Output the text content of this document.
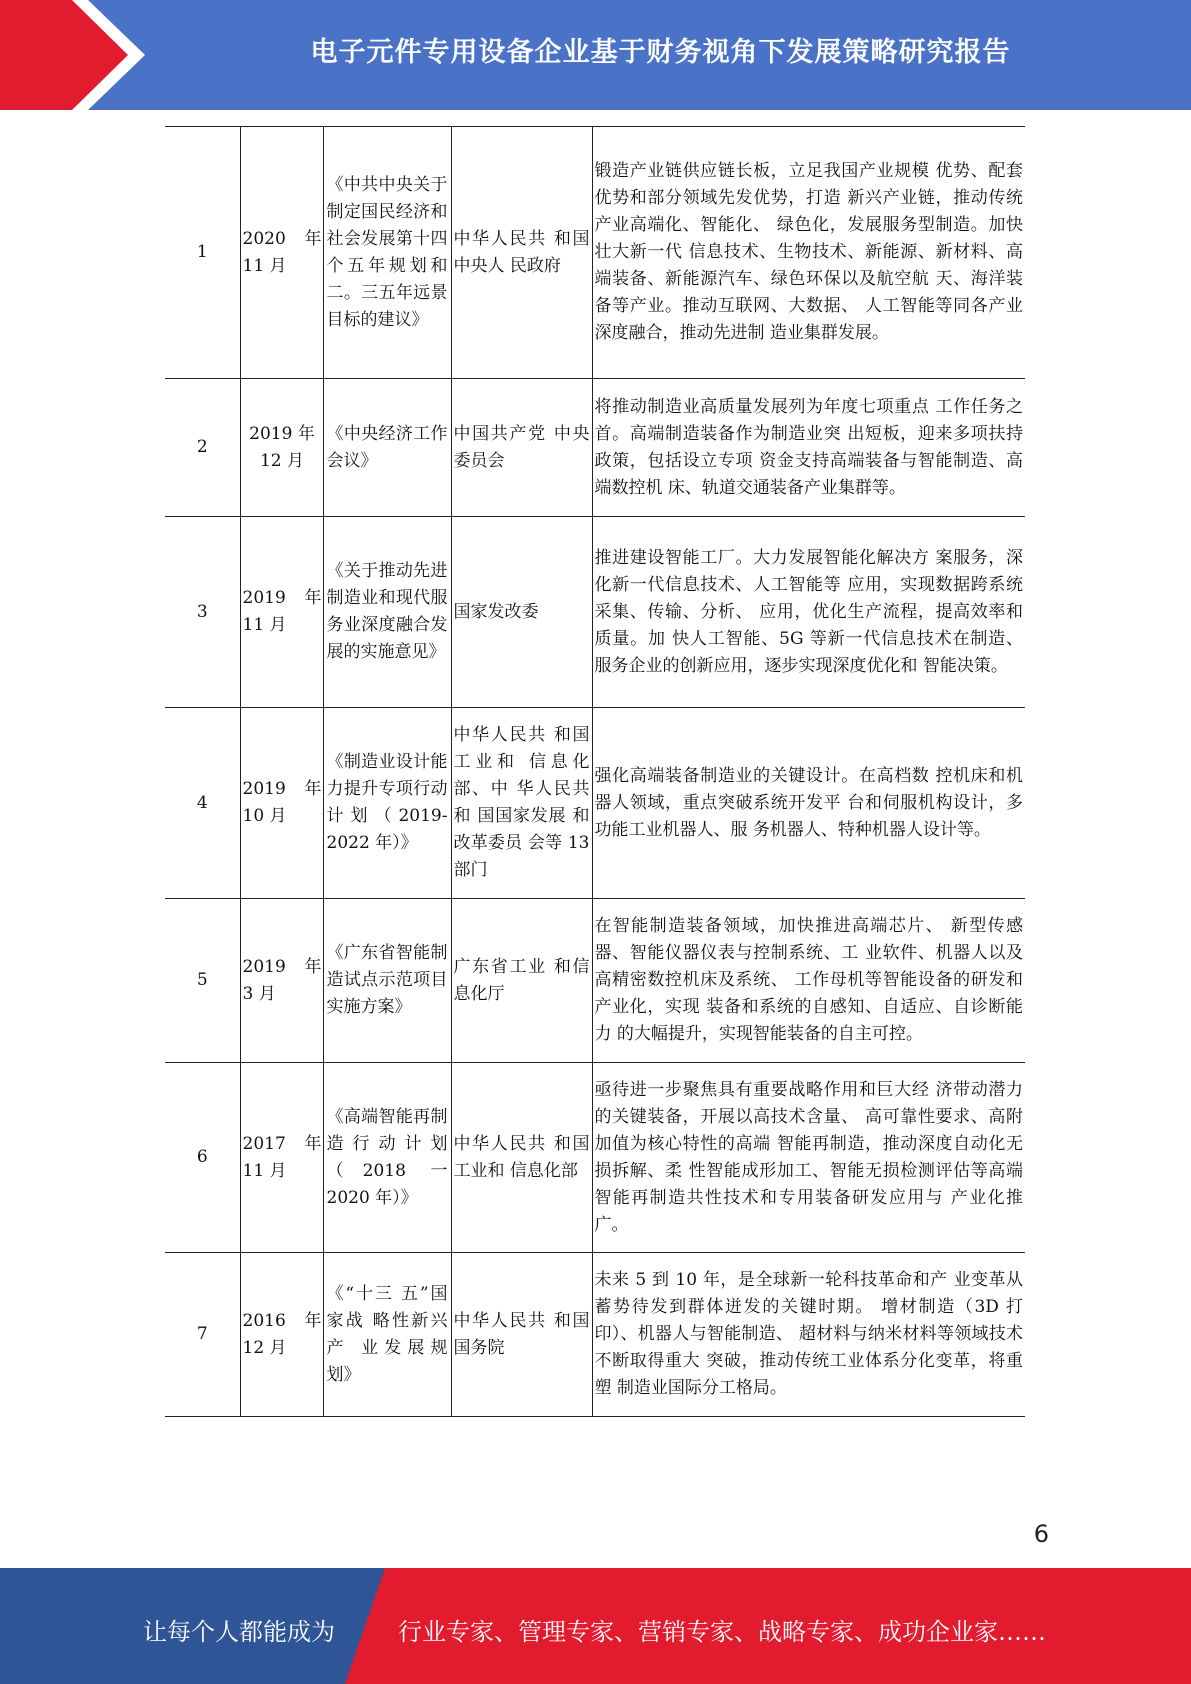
电子元件专用设备企业基于财务视角下发展策略研究报告
1	2020 年 11 月	《中共中央关于制定国民经济和社会发展第十四个五年规划和二。三五年远景目标的建议》	中华人民共 和国中央人 民政府	锻造产业链供应链长板，立足我国产业规模 优势、配套优势和部分领域先发优势，打造 新兴产业链，推动传统产业高端化、智能化、 绿色化，发展服务型制造。加快壮大新一代 信息技术、生物技术、新能源、新材料、高 端装备、新能源汽车、绿色环保以及航空航 天、海洋装备等产业。推动互联网、大数据、 人工智能等同各产业深度融合，推动先进制 造业集群发展。
2	2019 年 12 月	《中央经济工作会议》	中国共产党 中央委员会	将推动制造业高质量发展列为年度七项重点 工作任务之首。高端制造装备作为制造业突 出短板，迎来多项扶持政策，包括设立专项 资金支持高端装备与智能制造、高端数控机 床、轨道交通装备产业集群等。
3	2019 年 11 月	《关于推动先进制造业和现代服务业深度融合发展的实施意见》	国家发改委	推进建设智能工厂。大力发展智能化解决方 案服务，深化新一代信息技术、人工智能等 应用，实现数据跨系统采集、传输、分析、 应用，优化生产流程，提高效率和质量。加 快人工智能、5G 等新一代信息技术在制造、 服务企业的创新应用，逐步实现深度优化和 智能决策。
4	2019 年 10 月	《制造业设计能力提升专项行动计划（2019-2022 年）》	中华人民共 和国工业和 信息化部、中 华人民共和 国国家发展 和改革委员 会等 13 部门	强化高端装备制造业的关键设计。在高档数 控机床和机器人领域，重点突破系统开发平 台和伺服机构设计，多功能工业机器人、服 务机器人、特种机器人设计等。
5	2019 年 3 月	《广东省智能制造试点示范项目实施方案》	广东省工业 和信息化厅	在智能制造装备领域，加快推进高端芯片、 新型传感器、智能仪器仪表与控制系统、工 业软件、机器人以及高精密数控机床及系统、 工作母机等智能设备的研发和产业化，实现 装备和系统的自感知、自适应、自诊断能力 的大幅提升，实现智能装备的自主可控。
6	2017 年 11 月	《高端智能再制造行动计划（2018 一 2020 年）》	中华人民共 和国工业和 信息化部	亟待进一步聚焦具有重要战略作用和巨大经 济带动潜力的关键装备，开展以高技术含量、 高可靠性要求、高附加值为核心特性的高端 智能再制造，推动深度自动化无损拆解、柔 性智能成形加工、智能无损检测评估等高端 智能再制造共性技术和专用装备研发应用与 产业化推广。
7	2016 年 12 月	《“十三 五”国家战 略性新兴产 业发展规 划》	中华人民共 和国国务院	未来 5 到 10 年，是全球新一轮科技革命和产 业变革从蓄势待发到群体迸发的关键时期。 增材制造（3D 打印）、机器人与智能制造、 超材料与纳米材料等领域技术不断取得重大 突破，推动传统工业体系分化变革，将重塑 制造业国际分工格局。
6
让每个人都能成为	行业专家、管理专家、营销专家、战略专家、成功企业家……
